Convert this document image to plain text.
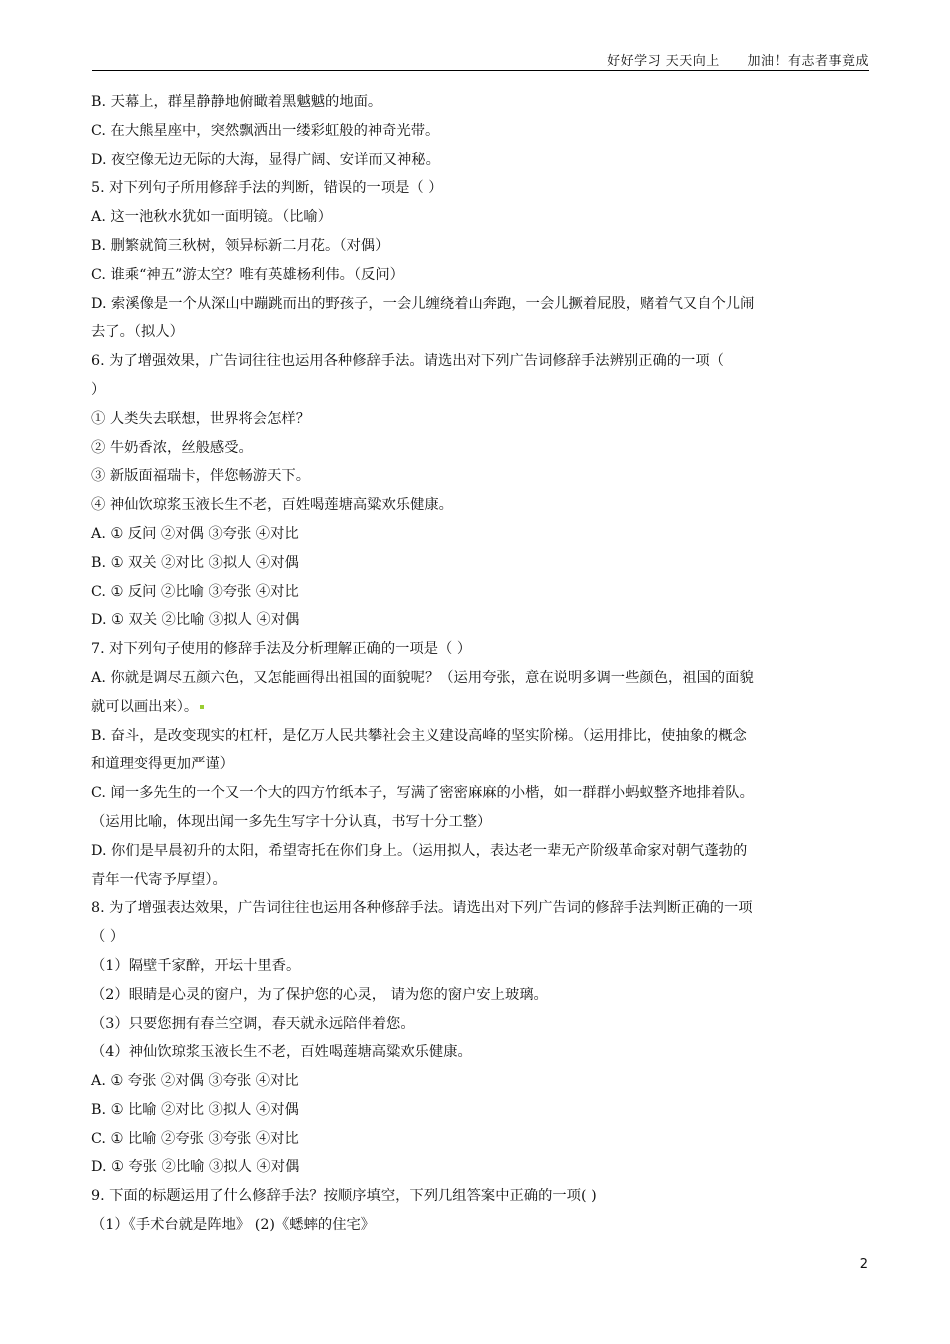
好好学习 天天向上      加油！有志者事竟成
B. 天幕上，群星静静地俯瞰着黑魆魆的地面。
C. 在大熊星座中，突然飘洒出一缕彩虹般的神奇光带。
D. 夜空像无边无际的大海，显得广阔、安详而又神秘。
5. 对下列句子所用修辞手法的判断，错误的一项是（ ）
A. 这一池秋水犹如一面明镜。（比喻）
B. 删繁就简三秋树，领异标新二月花。（对偶）
C. 谁乘“神五”游太空？唯有英雄杨利伟。（反问）
D. 索溪像是一个从深山中蹦跳而出的野孩子，一会儿缠绕着山奔跑，一会儿撅着屁股，赌着气又自个儿闹
去了。（拟人）
6. 为了增强效果，广告词往往也运用各种修辞手法。请选出对下列广告词修辞手法辨别正确的一项（
）
① 人类失去联想，世界将会怎样？
② 牛奶香浓，丝般感受。
③ 新版面福瑞卡，伴您畅游天下。
④ 神仙饮琼浆玉液长生不老，百姓喝莲塘高粱欢乐健康。
A. ① 反问 ②对偶 ③夸张 ④对比
B. ① 双关 ②对比 ③拟人 ④对偶
C. ① 反问 ②比喻 ③夸张 ④对比
D. ① 双关 ②比喻 ③拟人 ④对偶
7. 对下列句子使用的修辞手法及分析理解正确的一项是（ ）
A. 你就是调尽五颜六色，又怎能画得出祖国的面貌呢？（运用夸张，意在说明多调一些颜色，祖国的面貌
就可以画出来）。
B. 奋斗，是改变现实的杠杆，是亿万人民共攀社会主义建设高峰的坚实阶梯。（运用排比，使抽象的概念
和道理变得更加严谨）
C. 闻一多先生的一个又一个大的四方竹纸本子，写满了密密麻麻的小楷，如一群群小蚂蚁整齐地排着队。
（运用比喻，体现出闻一多先生写字十分认真，书写十分工整）
D. 你们是早晨初升的太阳，希望寄托在你们身上。（运用拟人，表达老一辈无产阶级革命家对朝气蓬勃的
青年一代寄予厚望）。
8. 为了增强表达效果，广告词往往也运用各种修辞手法。请选出对下列广告词的修辞手法判断正确的一项
（ ）
（1）隔壁千家醉，开坛十里香。
（2）眼睛是心灵的窗户，为了保护您的心灵， 请为您的窗户安上玻璃。
（3）只要您拥有春兰空调，春天就永远陪伴着您。
（4）神仙饮琼浆玉液长生不老，百姓喝莲塘高粱欢乐健康。
A. ① 夸张 ②对偶 ③夸张 ④对比
B. ① 比喻 ②对比 ③拟人 ④对偶
C. ① 比喻 ②夸张 ③夸张 ④对比
D. ① 夸张 ②比喻 ③拟人 ④对偶
9. 下面的标题运用了什么修辞手法？按顺序填空，下列几组答案中正确的一项( )
（1）《手术台就是阵地》 (2)《蟋蟀的住宅》
2
